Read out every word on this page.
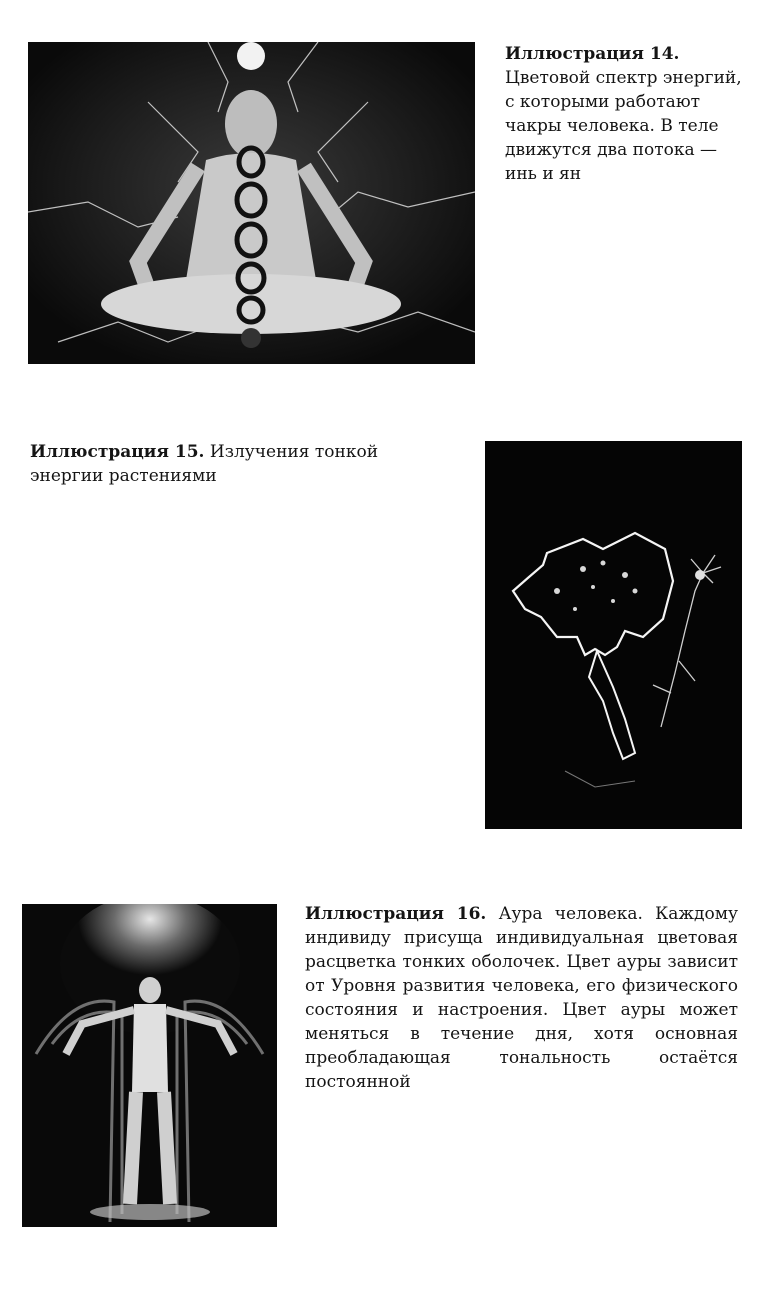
Иллюстрация 14.
Цветовой спектр энергий, с которыми работают чакры человека. В теле движутся два потока — инь и ян
Иллюстрация 15. Излучения тонкой энергии растениями
Иллюстрация 16. Аура человека. Каждому индивиду присуща индивидуальная цветовая расцветка тонких оболочек. Цвет ауры зависит от Уровня развития человека, его физического состояния и настроения. Цвет ауры может меняться в течение дня, хотя основная преобладающая тональность остаётся постоянной
